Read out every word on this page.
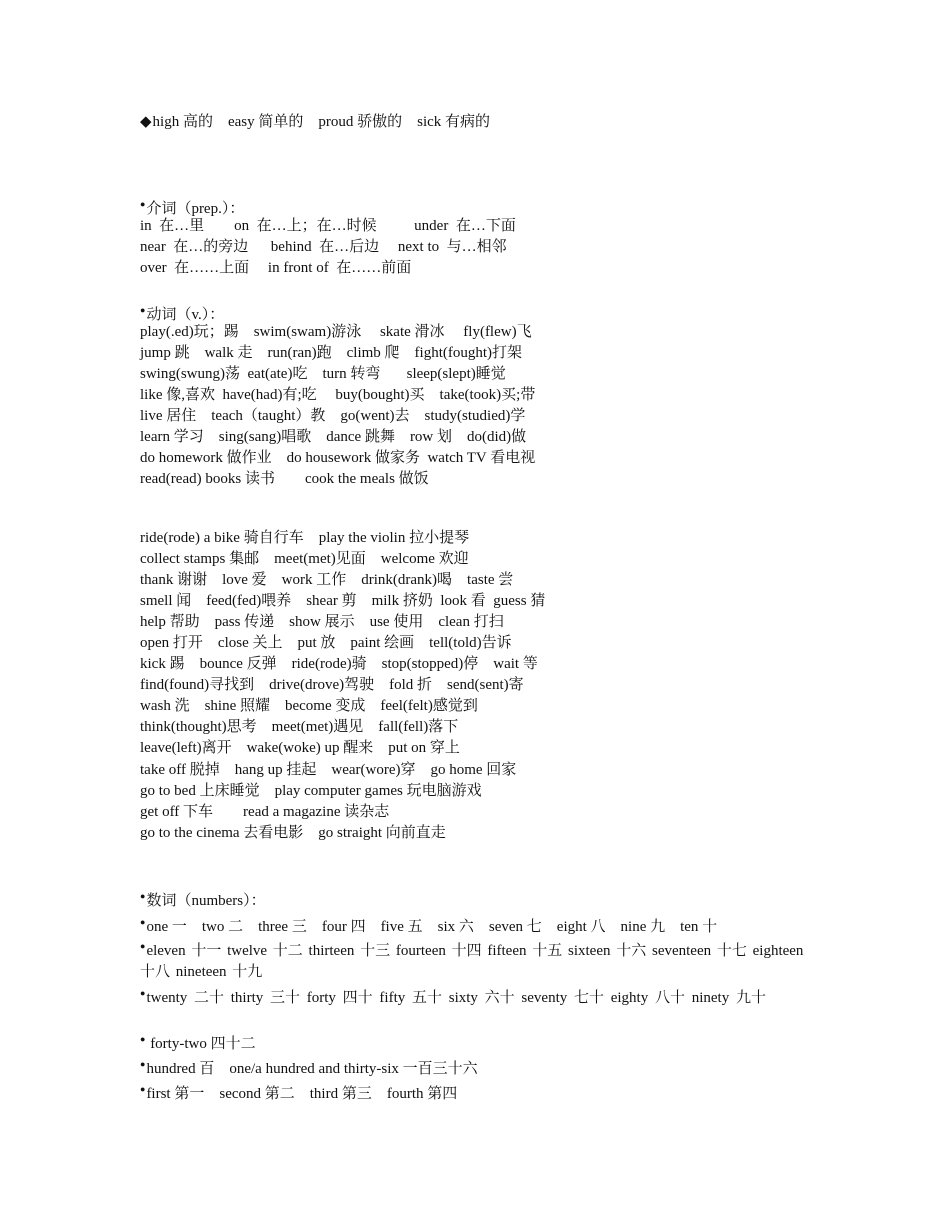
◆high 高的    easy 简单的    proud 骄傲的    sick 有病的
●介词（prep.）：
in  在…里        on  在…上；在…时候          under  在…下面
near  在…的旁边      behind  在…后边     next to  与…相邻
over  在……上面     in front of  在……前面
●动词（v.）：
play(.ed)玩；踢    swim(swam)游泳     skate 滑冰     fly(flew)飞
jump 跳    walk 走    run(ran)跑    climb 爬    fight(fought)打架
swing(swung)荡  eat(ate)吃    turn 转弯       sleep(slept)睡觉
like 像,喜欢  have(had)有;吃     buy(bought)买    take(took)买;带
live 居住    teach（taught）教    go(went)去    study(studied)学
learn 学习    sing(sang)唱歌    dance 跳舞    row 划    do(did)做
do homework 做作业    do housework 做家务  watch TV 看电视
read(read) books 读书        cook the meals 做饭
ride(rode) a bike 骑自行车    play the violin 拉小提琴
collect stamps 集邮    meet(met)见面    welcome 欢迎
thank 谢谢    love 爱    work 工作    drink(drank)喝    taste 尝
smell 闻    feed(fed)喂养    shear 剪    milk 挤奶  look 看  guess 猜
help 帮助    pass 传递    show 展示    use 使用    clean 打扫
open 打开    close 关上    put 放    paint 绘画    tell(told)告诉
kick 踢    bounce 反弹    ride(rode)骑    stop(stopped)停    wait 等
find(found)寻找到    drive(drove)驾驶    fold 折    send(sent)寄
wash 洗    shine 照耀    become 变成    feel(felt)感觉到
think(thought)思考    meet(met)遇见    fall(fell)落下
leave(left)离开    wake(woke) up 醒来    put on 穿上
take off 脱掉    hang up 挂起    wear(wore)穿    go home 回家
go to bed 上床睡觉    play computer games 玩电脑游戏
get off 下车        read a magazine 读杂志
go to the cinema 去看电影    go straight 向前直走
●数词（numbers）：
●one 一    two 二    three 三    four 四    five 五    six 六    seven 七    eight 八    nine 九    ten 十
●eleven 十一 twelve 十二 thirteen 十三 fourteen 十四 fifteen 十五 sixteen 十六 seventeen 十七 eighteen 十八 nineteen 十九
●twenty 二十 thirty 三十 forty 四十 fifty 五十 sixty 六十 seventy 七十 eighty 八十 ninety 九十
● forty-two 四十二
●hundred 百    one/a hundred and thirty-six 一百三十六
●first 第一    second 第二    third 第三    fourth 第四
